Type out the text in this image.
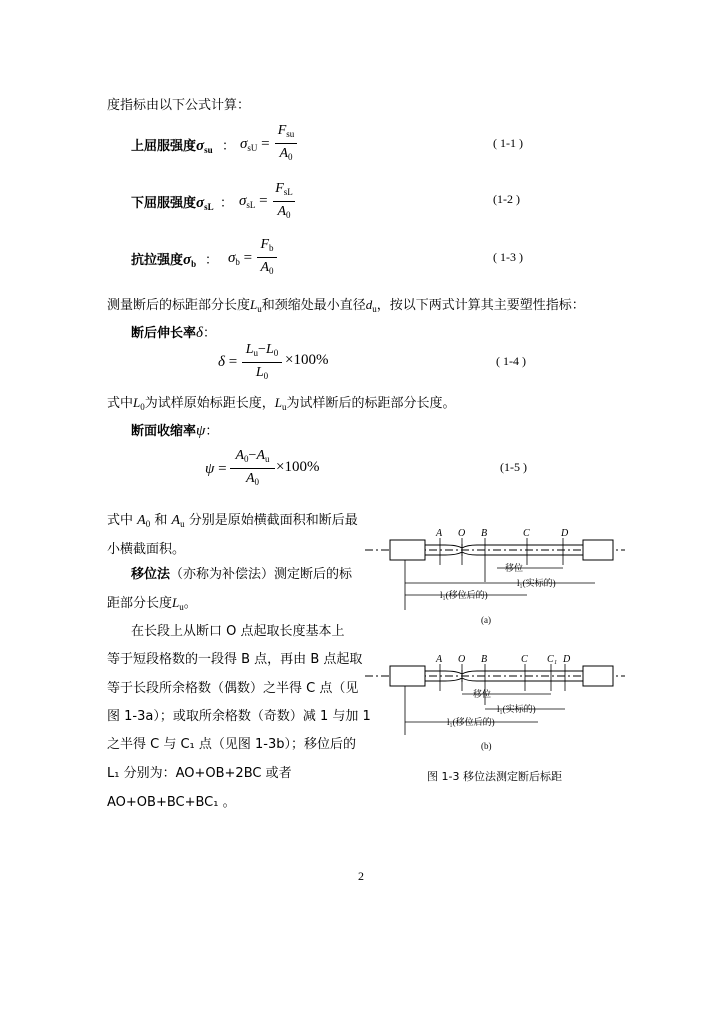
度指标由以下公式计算：
上屈服强度$\sigma_{su}$ ： $\sigma_{sU}$ =
$F_{su}$
$A_0$
( 1-1 )
下屈服强度$\sigma_{sL}$ ： $\sigma_{sL}$ =
$F_{sL}$
$A_0$
(1-2 )
抗拉强度$\sigma_b$ ： $\sigma_b$ =
$F_b$
$A_0$
( 1-3 )
测量断后的标距部分长度$L_u$和颈缩处最小直径$d_u$，按以下两式计算其主要塑性指标：
断后伸长率δ：
δ =
$L_u-L_0$
$L_0$
×100%	( 1-4 )
式中$L_0$为试样原始标距长度，$L_u$为试样断后的标距部分长度。
断面收缩率ψ：
ψ =
$A_0-A_u$
$A_0$
×100%	(1-5 )
式中 $A_0$ 和 $A_u$ 分别是原始横截面积和断后最
小横截面积。
移位法（亦称为补偿法）测定断后的标
距部分长度$L_u$。
在长段上从断口 O 点起取长度基本上
等于短段格数的一段得 B 点，再由 B 点起取
等于长段所余格数（偶数）之半得 C 点（见
图 1-3a）；或取所余格数（奇数）减 1 与加 1
之半得 C 与 C₁ 点（见图 1-3b）；移位后的
L₁ 分别为：AO+OB+2BC 或者
AO+OB+BC+BC₁ 。
A O B	C	D
移位
l₁(实标的)
l₁(移位后的)
(a)
A O B	C C₁ D
移位
l₁(实标的)
l₁(移位后的)
(b)
图 1-3 移位法测定断后标距
2
